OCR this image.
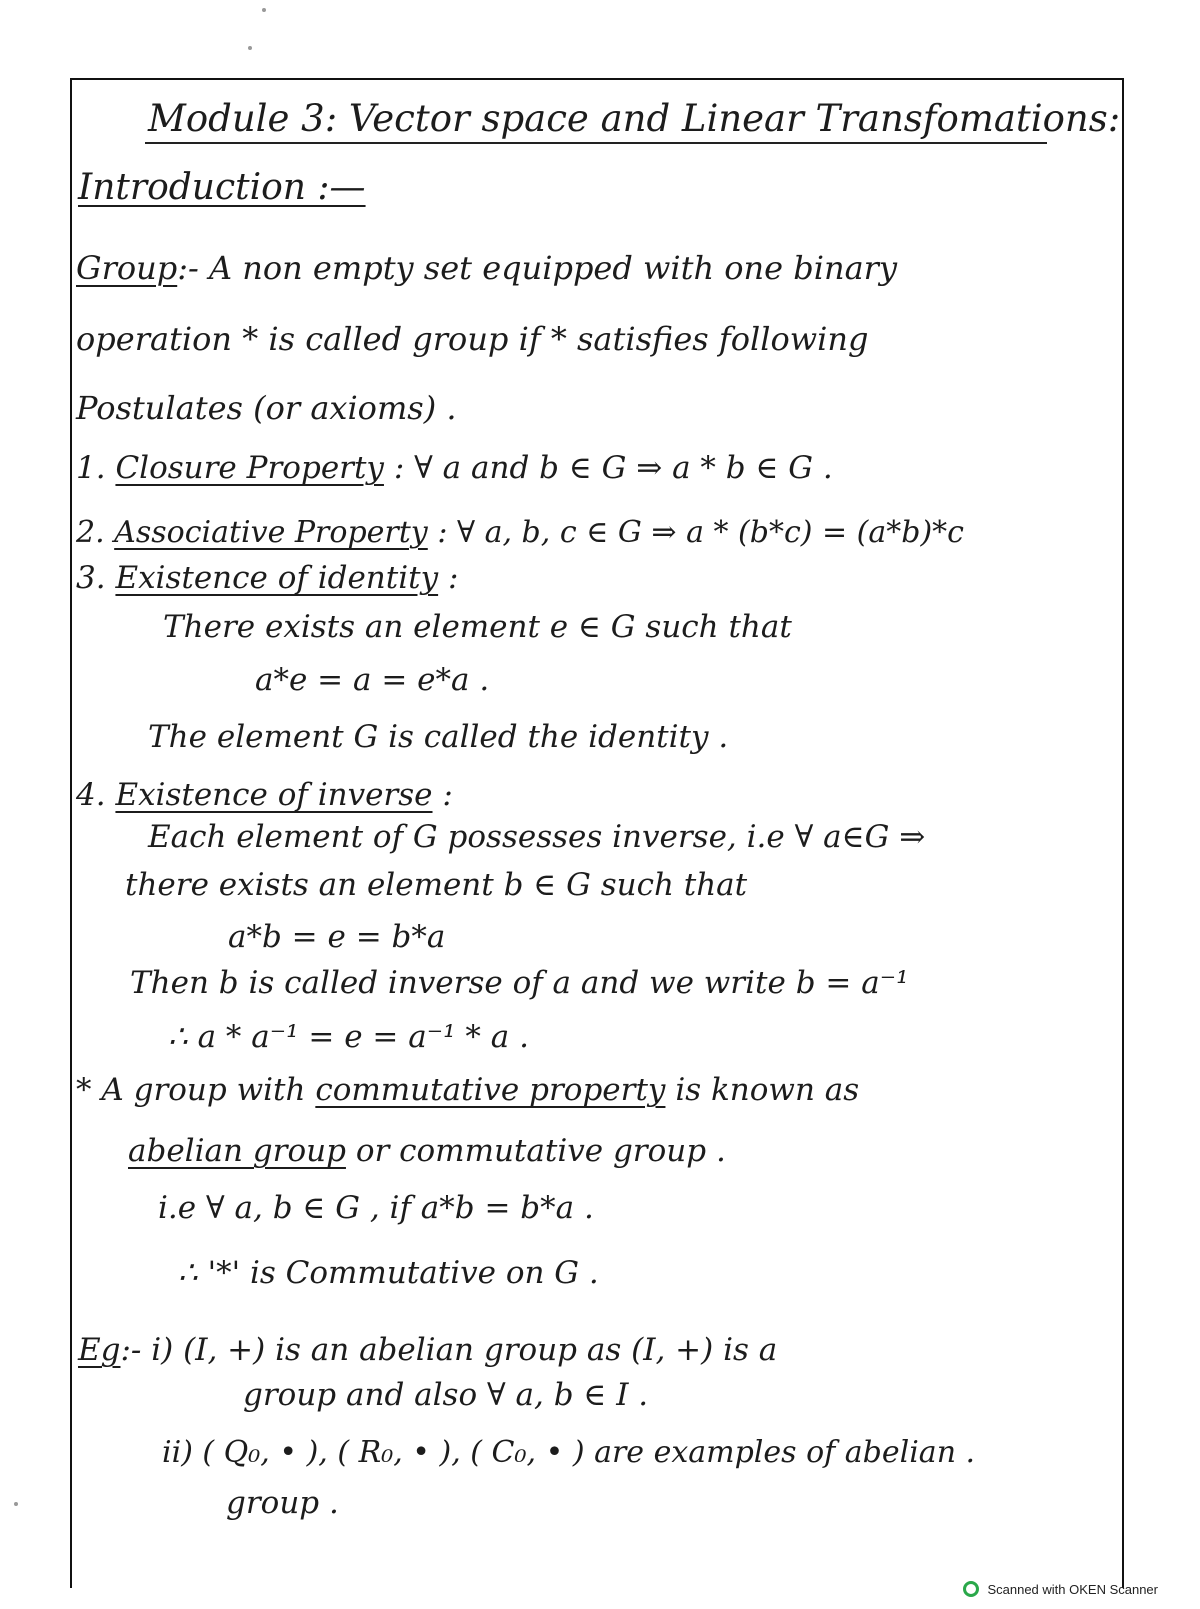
Module 3: Vector space and Linear Transfomations:
Introduction :—
Group:- A non empty set equipped with one binary
operation * is called group if * satisfies following
Postulates (or axioms) .
1. Closure Property : ∀ a and b ∈ G ⇒ a * b ∈ G .
2. Associative Property : ∀ a, b, c ∈ G ⇒ a * (b*c) = (a*b)*c
3. Existence of identity :
There exists an element e ∈ G such that
a*e = a = e*a .
The element G is called the identity .
4. Existence of inverse :
Each element of G possesses inverse, i.e ∀ a∈G ⇒
there exists an element b ∈ G such that
a*b = e = b*a
Then b is called inverse of a and we write b = a⁻¹
∴ a * a⁻¹ = e = a⁻¹ * a .
* A group with commutative property is known as
abelian group or commutative group .
i.e ∀ a, b ∈ G , if a*b = b*a .
∴ '*' is Commutative on G .
Eg:- i) (I, +) is an abelian group as (I, +) is a
group and also ∀ a, b ∈ I .
ii) ( Q₀, • ), ( R₀, • ), ( C₀, • ) are examples of abelian .
group .
Scanned with OKEN Scanner
